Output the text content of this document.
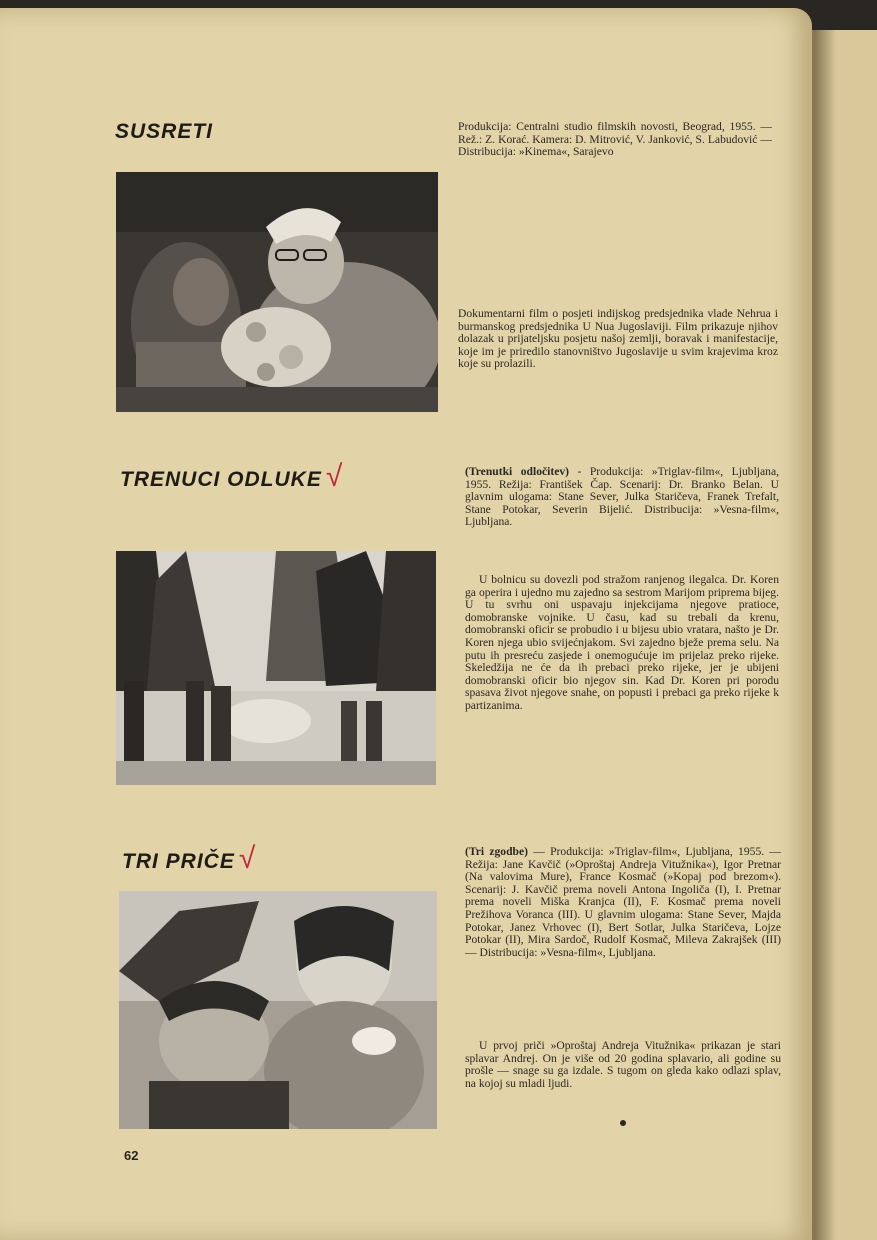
SUSRETI	Produkcija: Centralni studio filmskih novosti, Beograd, 1955. — Rež.: Z. Korać. Kamera: D. Mitrović, V. Janković, S. Labudović — Distribucija: »Kinema«, Sarajevo

Dokumentarni film o posjeti indijskog predsjednika vlade Nehrua i burmanskog predsjednika U Nua Jugoslaviji. Film prikazuje njihov dolazak u prijateljsku posjetu našoj zemlji, boravak i manifestacije, koje im je priredilo stanovništvo Jugoslavije u svim krajevima kroz koje su prolazili.

TRENUCI ODLUKE √	(Trenutki odločitev) - Produkcija: »Triglav-film«, Ljubljana, 1955. Režija: František Čap. Scenarij: Dr. Branko Belan. U glavnim ulogama: Stane Sever, Julka Staričeva, Franek Trefalt, Stane Potokar, Severin Bijelić. Distribucija: »Vesna-film«, Ljubljana.

U bolnicu su dovezli pod stražom ranjenog ilegalca. Dr. Koren ga operira i ujedno mu zajedno sa sestrom Marijom priprema bijeg. U tu svrhu oni uspavaju injekcijama njegove pratioce, domobranske vojnike. U času, kad su trebali da krenu, domobranski oficir se probudio i u bijesu ubio vratara, našto je Dr. Koren njega ubio svijećnjakom. Svi zajedno bježe prema selu. Na putu ih presreću zasjede i onemogućuje im prijelaz preko rijeke. Skeledžija ne će da ih prebaci preko rijeke, jer je ubijeni domobranski oficir bio njegov sin. Kad Dr. Koren pri porodu spasava život njegove snahe, on popusti i prebaci ga preko rijeke k partizanima.

TRI PRIČE √	(Tri zgodbe) — Produkcija: »Triglav-film«, Ljubljana, 1955. — Režija: Jane Kavčič (»Oproštaj Andreja Vitužnika«), Igor Pretnar (Na valovima Mure), France Kosmač (»Kopaj pod brezom«). Scenarij: J. Kavčič prema noveli Antona Ingoliča (I), I. Pretnar prema noveli Miška Kranjca (II), F. Kosmač prema noveli Prežihova Voranca (III). U glavnim ulogama: Stane Sever, Majda Potokar, Janez Vrhovec (I), Bert Sotlar, Julka Staričeva, Lojze Potokar (II), Mira Sardoč, Rudolf Kosmač, Mileva Zakrajšek (III) — Distribucija: »Vesna-film«, Ljubljana.

U prvoj priči »Oproštaj Andreja Vitužnika« prikazan je stari splavar Andrej. On je više od 20 godina splavario, ali godine su prošle — snage su ga izdale. S tugom on gleda kako odlazi splav, na kojoj su mladi ljudi.

62
